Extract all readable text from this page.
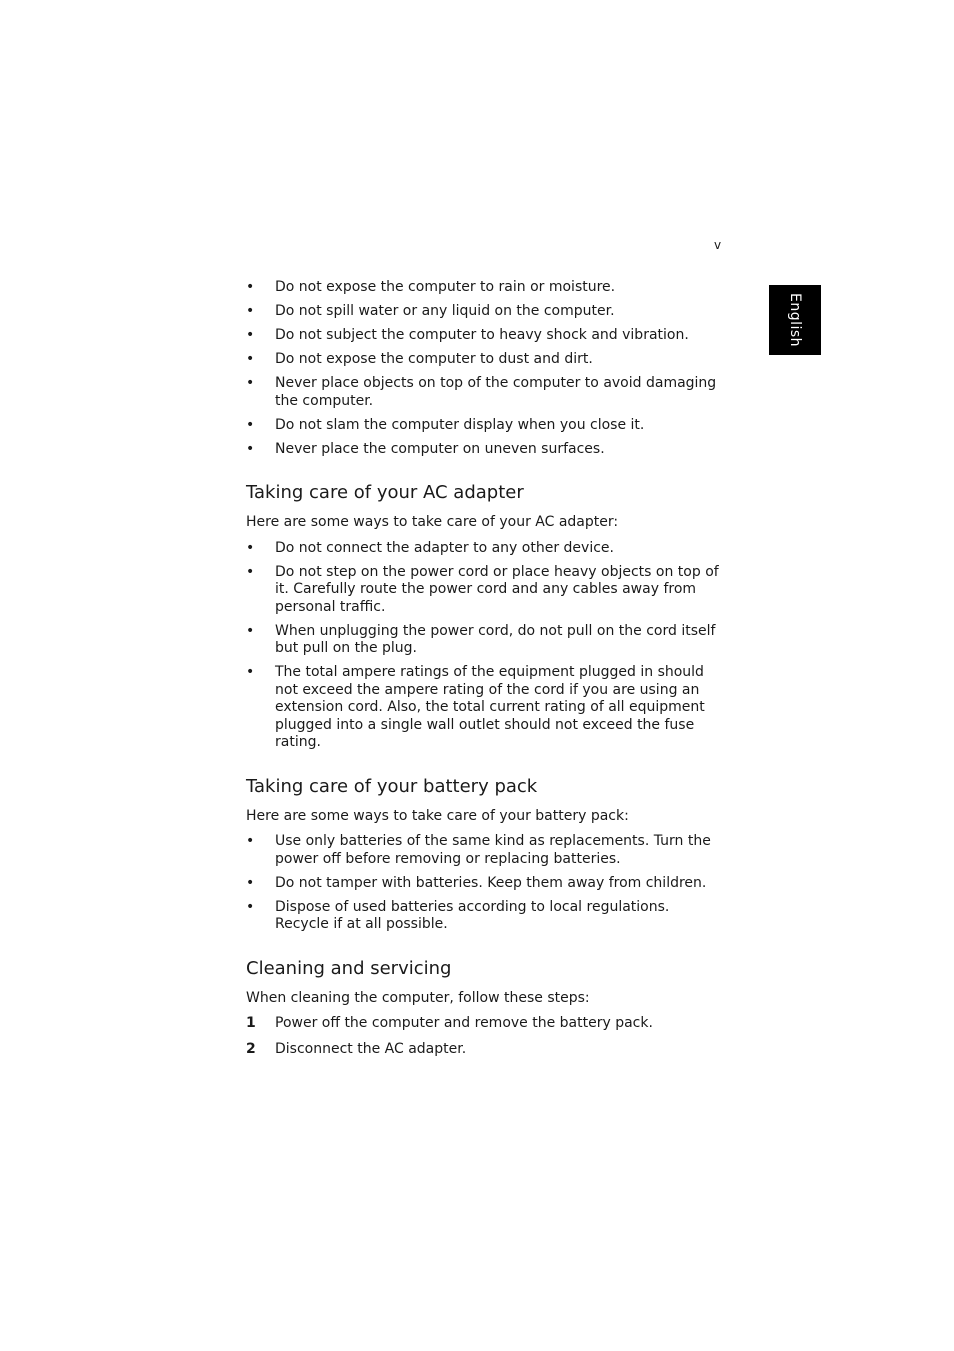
v
English
• Do not expose the computer to rain or moisture.
• Do not spill water or any liquid on the computer.
• Do not subject the computer to heavy shock and vibration.
• Do not expose the computer to dust and dirt.
• Never place objects on top of the computer to avoid damaging the computer.
• Do not slam the computer display when you close it.
• Never place the computer on uneven surfaces.
Taking care of your AC adapter

Here are some ways to take care of your AC adapter:

• Do not connect the adapter to any other device.
• Do not step on the power cord or place heavy objects on top of it. Carefully route the power cord and any cables away from personal traffic.
• When unplugging the power cord, do not pull on the cord itself but pull on the plug.
• The total ampere ratings of the equipment plugged in should not exceed the ampere rating of the cord if you are using an extension cord. Also, the total current rating of all equipment plugged into a single wall outlet should not exceed the fuse rating.
Taking care of your battery pack

Here are some ways to take care of your battery pack:

• Use only batteries of the same kind as replacements. Turn the power off before removing or replacing batteries.
• Do not tamper with batteries. Keep them away from children.
• Dispose of used batteries according to local regulations. Recycle if at all possible.
Cleaning and servicing

When cleaning the computer, follow these steps:

1 Power off the computer and remove the battery pack.
2 Disconnect the AC adapter.
